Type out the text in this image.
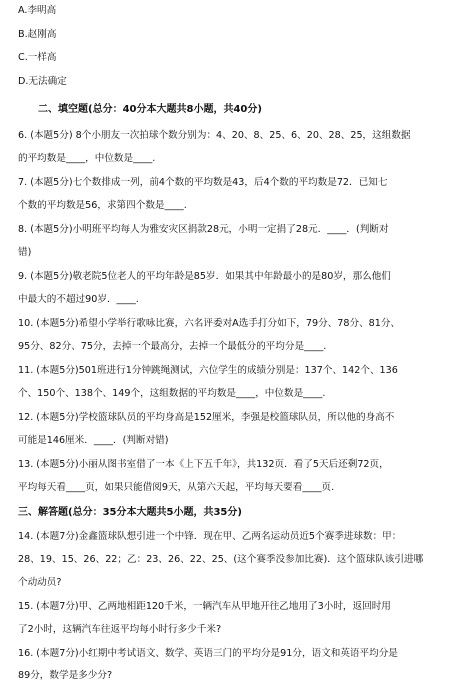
A.李明高
B.赵刚高
C.一样高
D.无法确定
二、填空题(总分：40分本大题共8小题，共40分)
6. (本题5分) 8个小朋友一次拍球个数分别为：4、20、8、25、6、20、28、25，这组数据
的平均数是____，中位数是____.
7. (本题5分)七个数排成一列，前4个数的平均数是43，后4个数的平均数是72．已知七
个数的平均数是56，求第四个数是____.
8. (本题5分)小明班平均每人为雅安灾区捐款28元，小明一定捐了28元．____．(判断对
错)
9. (本题5分)敬老院5位老人的平均年龄是85岁．如果其中年龄最小的是80岁，那么他们
中最大的不超过90岁．____.
10. (本题5分)希望小学举行歌咏比赛，六名评委对A选手打分如下，79分、78分、81分、
95分、82分、75分，去掉一个最高分，去掉一个最低分的平均分是____.
11. (本题5分)501班进行1分钟跳绳测试，六位学生的成绩分别是：137个、142个、136
个、150个、138个、149个，这组数据的平均数是____，中位数是____.
12. (本题5分)学校篮球队员的平均身高是152厘米，李强是校篮球队员，所以他的身高不
可能是146厘米．____．(判断对错)
13. (本题5分)小丽从图书室借了一本《上下五千年》，共132页．看了5天后还剩72页，
平均每天看____页，如果只能借阅9天，从第六天起，平均每天要看____页.
三、解答题(总分：35分本大题共5小题，共35分)
14. (本题7分)金鑫篮球队想引进一个中锋．现在甲、乙两名运动员近5个赛季进球数：甲：
28、19、15、26、22；乙：23、26、22、25、(这个赛季没参加比赛)．这个篮球队该引进哪
个动动员?
15. (本题7分)甲、乙两地相距120千米，一辆汽车从甲地开往乙地用了3小时，返回时用
了2小时，这辆汽车往返平均每小时行多少千米?
16. (本题7分)小红期中考试语文、数学、英语三门的平均分是91分，语文和英语平均分是
89分，数学是多少分?
